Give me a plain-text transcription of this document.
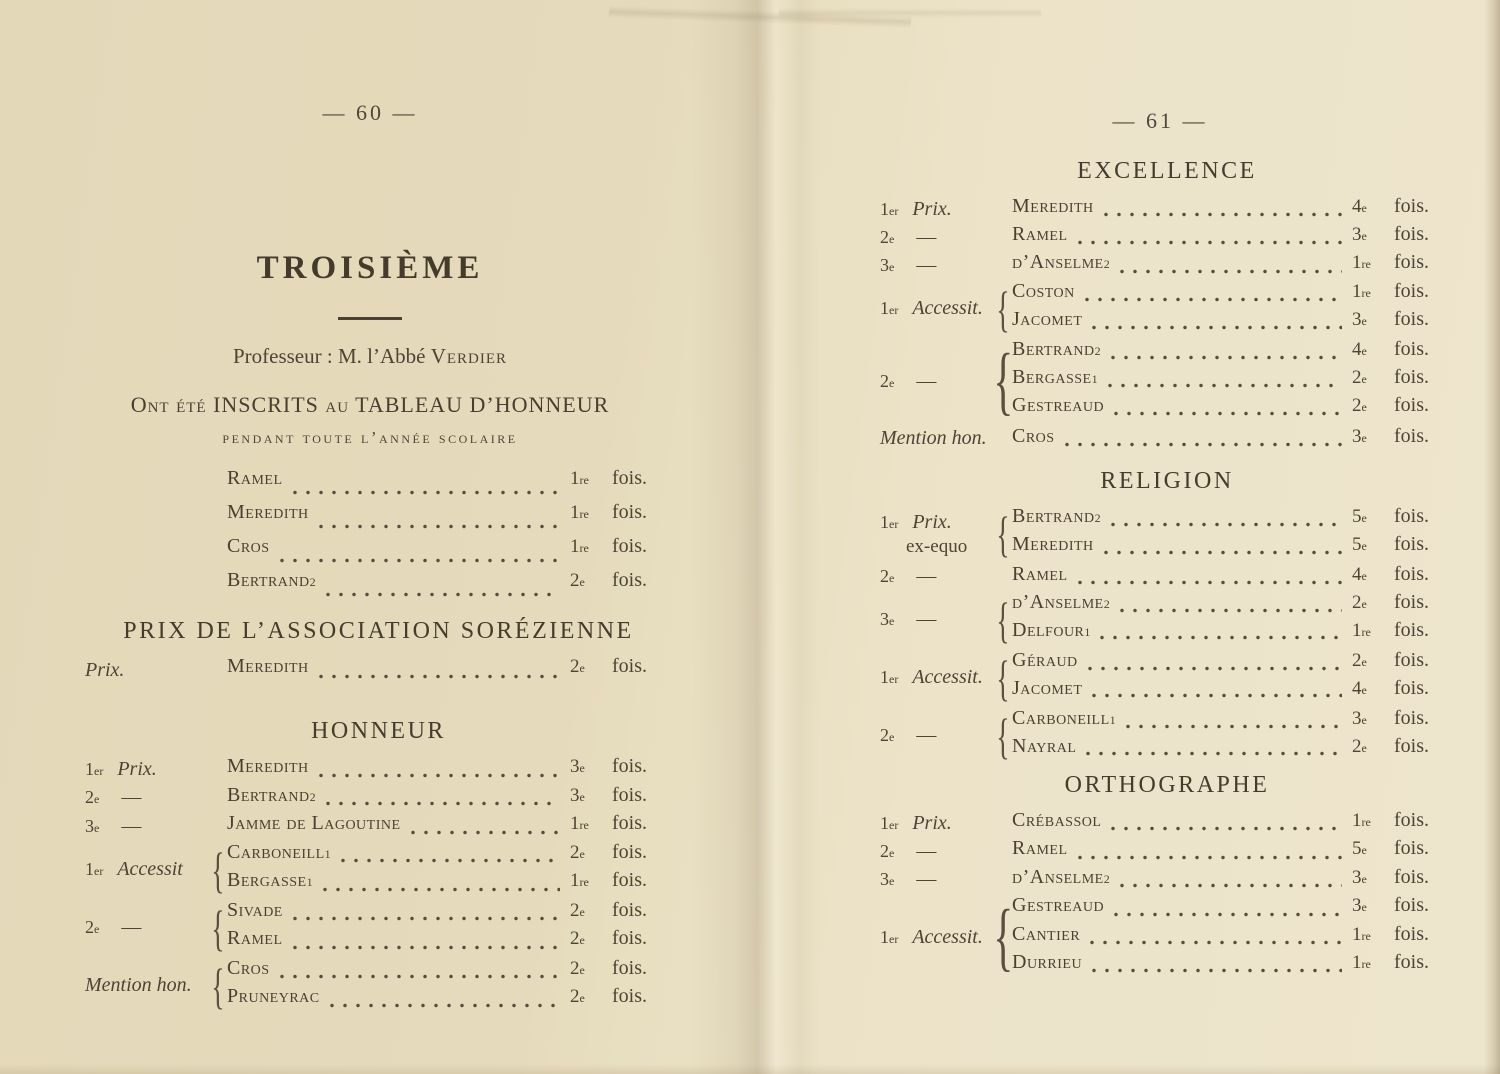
— 60 —
TROISIÈME
Professeur : M. l’Abbé Verdier
Ont été INSCRITS au TABLEAU D’HONNEUR
pendant toute l’année scolaire
Ramel	1 re fois.
Meredith	1 re fois.
Cros	1 re fois.
Bertrand 2	2 e fois.
PRIX DE L’ASSOCIATION SORÉZIENNE
Prix.	Meredith	2 e fois.
HONNEUR
1 er Prix.	Meredith	3 e fois.
2 e —	Bertrand 2	3 e fois.
3 e —	Jamme de Lagoutine	1 re fois.
1 er Accessit { Carboneill 1	2 e fois.
Bergasse 1	1 re fois.
2 e — { Sivade	2 e fois.
Ramel	2 e fois.
Mention hon. { Cros	2 e fois.
Pruneyrac	2 e fois.
— 61 —
EXCELLENCE
1 er Prix.	Meredith	4 e fois.
2 e —	Ramel	3 e fois.
3 e —	d’Anselme 2	1 re fois.
1 er Accessit. { Coston	1 re fois.
Jacomet	3 e fois.
2 e — {
Bertrand 2	4 e fois.
Bergasse 1	2 e fois.
Gestreaud	2 e fois.
Mention hon. Cros	3 e fois.
RELIGION
1 er Prix.
ex-equo { Bertrand 2	5 e fois.
Meredith	5 e fois.
2 e —	Ramel	4 e fois.
3 e — { d’Anselme 2	2 e fois.
Delfour 1	1 re fois.
1 er Accessit. { Géraud	2 e fois.
Jacomet	4 e fois.
2 e — { Carboneill 1	3 e fois.
Nayral	2 e fois.
ORTHOGRAPHE
1 er Prix.	Crébassol	1 re fois.
2 e —	Ramel	5 e fois.
3 e —	d’Anselme 2	3 e fois.
1 er Accessit. {
Gestreaud	3 e fois.
Cantier	1 re fois.
Durrieu	1 re fois.
